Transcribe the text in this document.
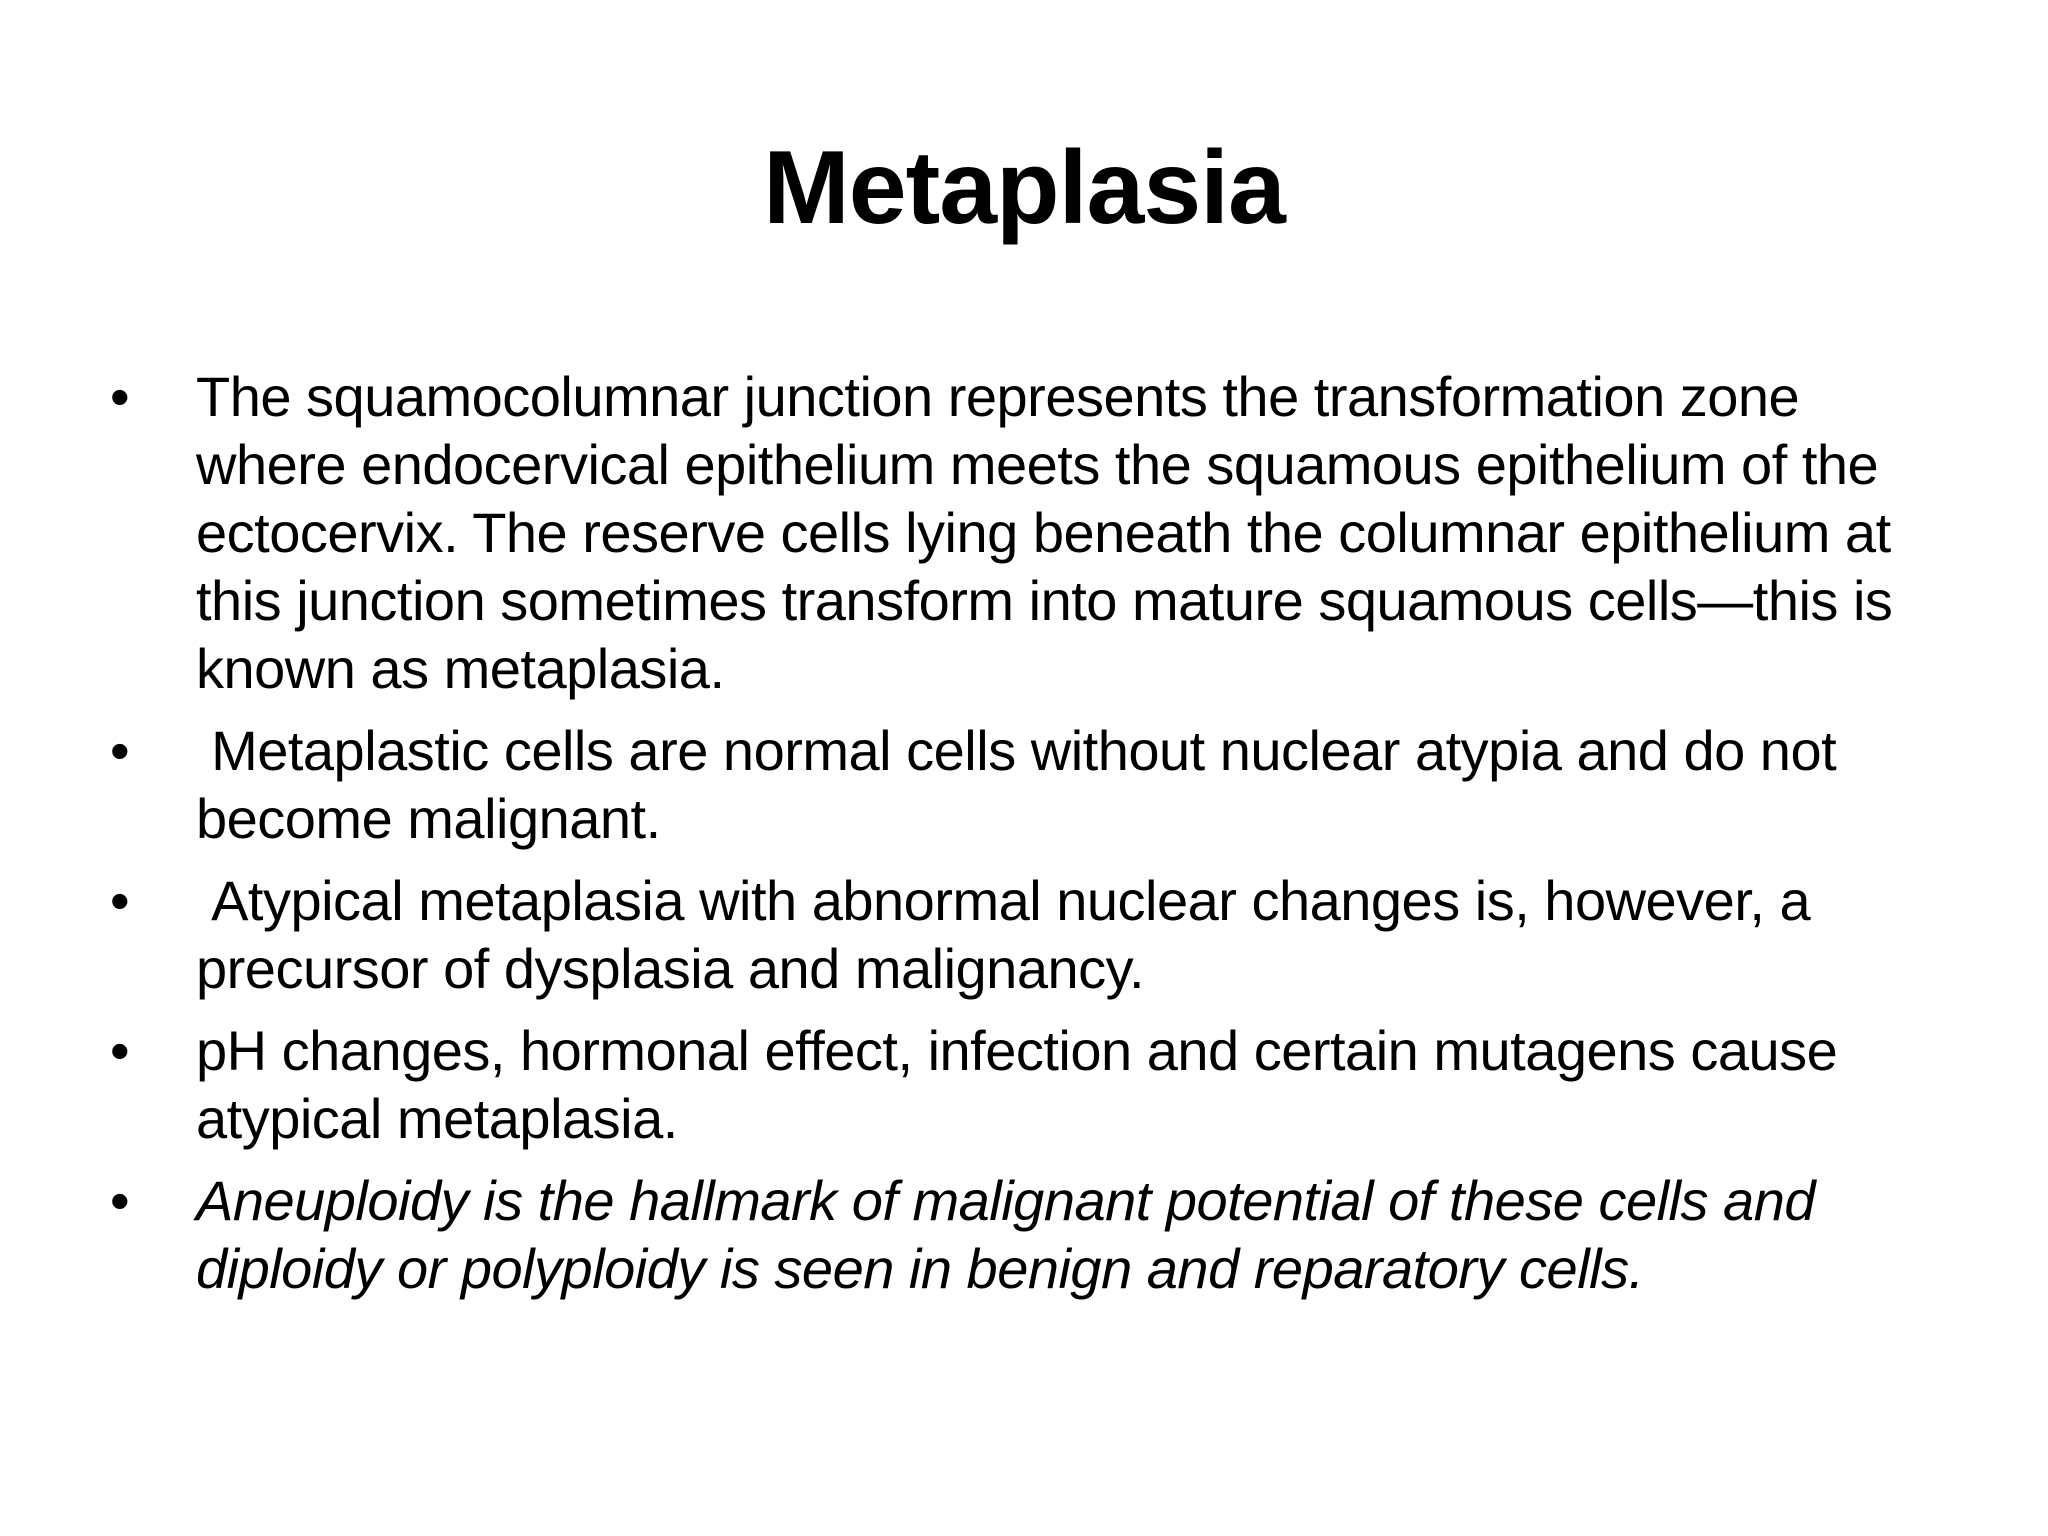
Metaplasia
•	The squamocolumnar junction represents the transformation zone where endocervical epithelium meets the squamous epithelium of the ectocervix. The reserve cells lying beneath the columnar epithelium at this junction sometimes transform into mature squamous cells—this is known as metaplasia.
•	Metaplastic cells are normal cells without nuclear atypia and do not become malignant.
•	Atypical metaplasia with abnormal nuclear changes is, however, a precursor of dysplasia and malignancy.
•	pH changes, hormonal effect, infection and certain mutagens cause atypical metaplasia.
•	Aneuploidy is the hallmark of malignant potential of these cells and diploidy or polyploidy is seen in benign and reparatory cells.
